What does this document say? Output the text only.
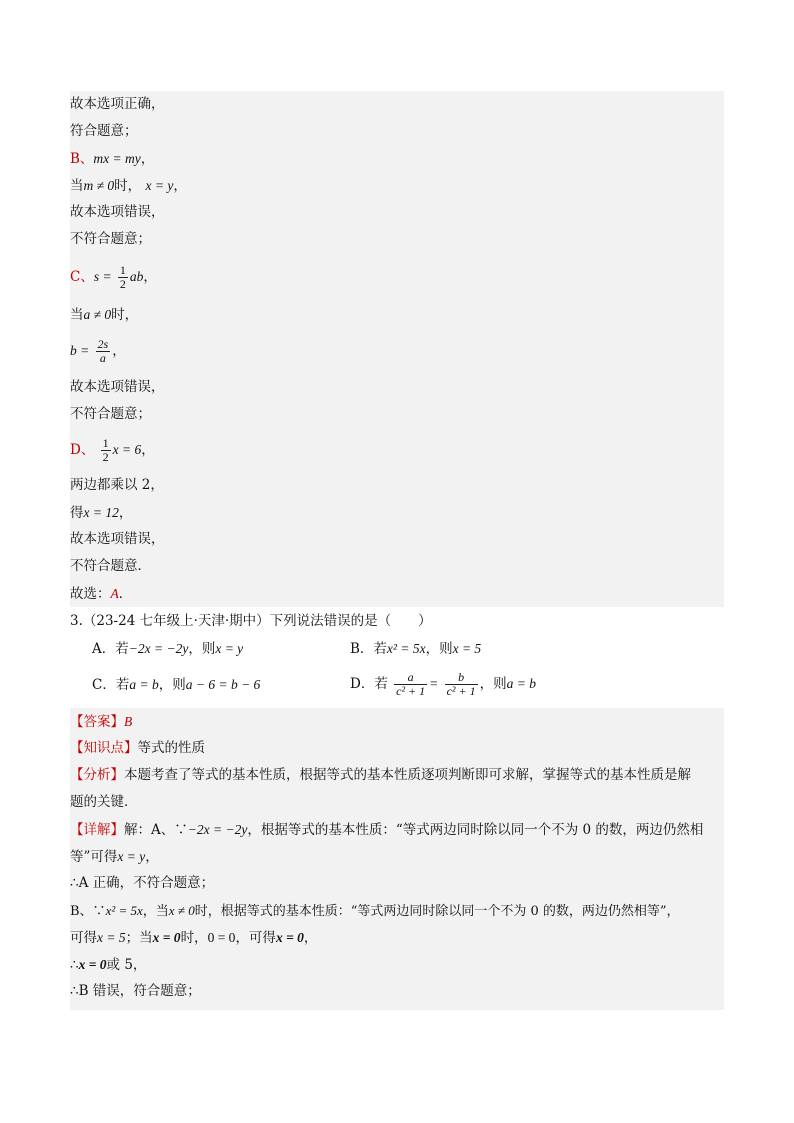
故本选项正确，
符合题意；
B、mx = my，
当m ≠ 0时， x = y，
故本选项错误，
不符合题意；
C、$s = \frac{1}{2}$ ab，
当a ≠ 0时，
$b = \frac{2s}{a}$ ，
故本选项错误，
不符合题意；
D、 $\frac{1}{2}$ x = 6，
两边都乘以 2，
得x = 12，
故本选项错误，
不符合题意．
故选：A．
3.（23-24 七年级上·天津·期中）下列说法错误的是（　　）
A．若−2x = −2y，则x = y	B．若x² = 5x，则x = 5
C．若a = b，则a − 6 = b − 6	D．若 $\frac{a}{\text{c² + 1}} = \frac{b}{\text{c² + 1}}$ ，则a = b
【答案】B
【知识点】等式的性质
【分析】本题考查了等式的基本性质，根据等式的基本性质逐项判断即可求解，掌握等式的基本性质是解
题的关键．
【详解】解：A、∵−2x = −2y，根据等式的基本性质：“等式两边同时除以同一个不为 0 的数，两边仍然相
等”可得x = y，
∴A 正确，不符合题意；
B、∵x² = 5x，当x ≠ 0时，根据等式的基本性质：“等式两边同时除以同一个不为 0 的数，两边仍然相等”，
可得x = 5；当x = 0时，0 = 0，可得x = 0，
∴x = 0或 5，
∴B 错误，符合题意；
